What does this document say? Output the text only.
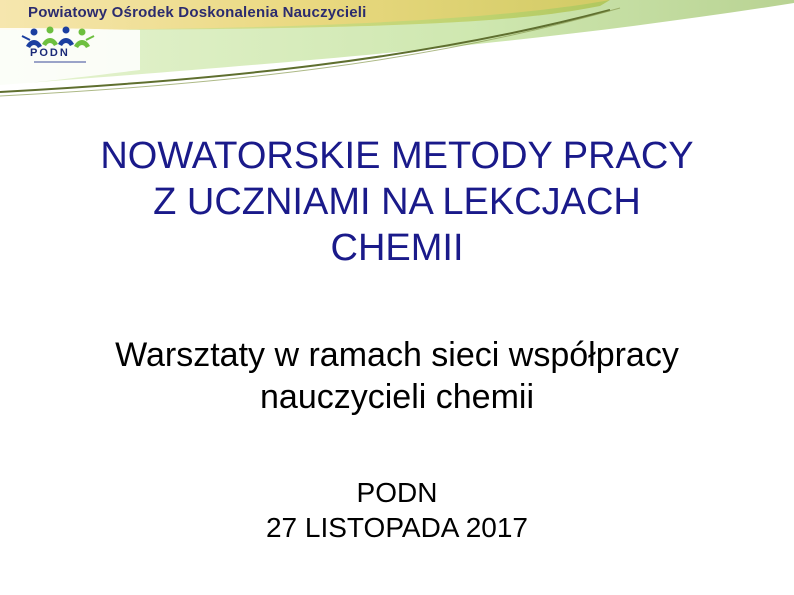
Powiatowy Ośrodek Doskonalenia Nauczycieli
PODN
NOWATORSKIE METODY PRACY
Z UCZNIAMI NA LEKCJACH
CHEMII
Warsztaty w ramach sieci współpracy
nauczycieli chemii
PODN
27 LISTOPADA 2017
